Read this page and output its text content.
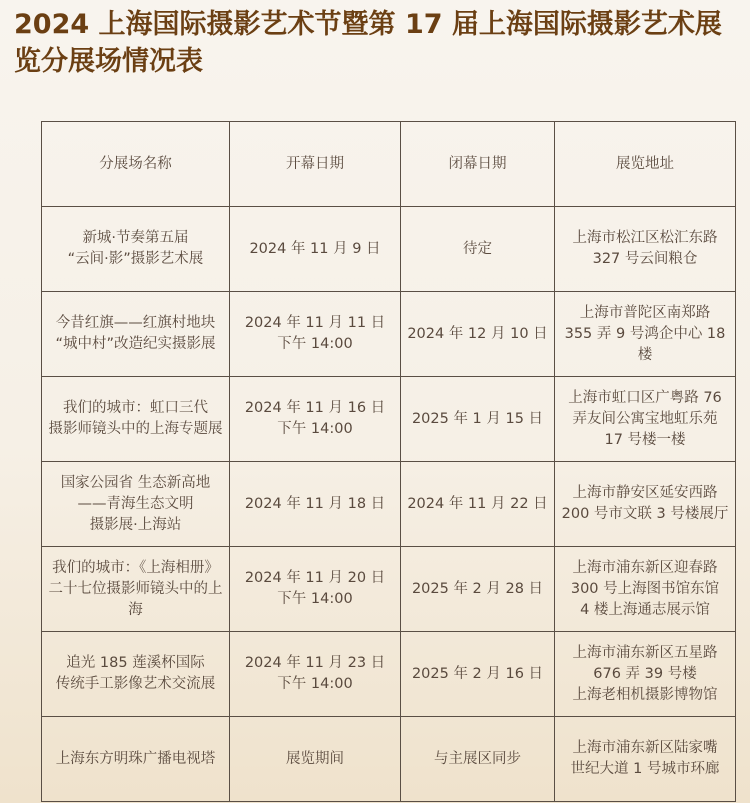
2024 上海国际摄影艺术节暨第 17 届上海国际摄影艺术展览分展场情况表
分展场名称	开幕日期	闭幕日期	展览地址

新城·节奏第五届
“云间·影”摄影艺术展	2024 年 11 月 9 日	待定	上海市松江区松汇东路
327 号云间粮仓

今昔红旗——红旗村地块
“城中村”改造纪实摄影展	2024 年 11 月 11 日
下午 14:00	2024 年 12 月 10 日	上海市普陀区南郑路
355 弄 9 号鸿企中心 18 楼

我们的城市：虹口三代
摄影师镜头中的上海专题展	2024 年 11 月 16 日
下午 14:00	2025 年 1 月 15 日	上海市虹口区广粤路 76
弄友间公寓宝地虹乐苑
17 号楼一楼

国家公园省 生态新高地
——青海生态文明
摄影展·上海站	2024 年 11 月 18 日	2024 年 11 月 22 日	上海市静安区延安西路
200 号市文联 3 号楼展厅

我们的城市：《上海相册》
二十七位摄影师镜头中的上海	2024 年 11 月 20 日
下午 14:00	2025 年 2 月 28 日	上海市浦东新区迎春路
300 号上海图书馆东馆
4 楼上海通志展示馆

追光 185 莲溪杯国际
传统手工影像艺术交流展	2024 年 11 月 23 日
下午 14:00	2025 年 2 月 16 日	上海市浦东新区五星路
676 弄 39 号楼
上海老相机摄影博物馆

上海东方明珠广播电视塔	展览期间	与主展区同步	上海市浦东新区陆家嘴
世纪大道 1 号城市环廊
